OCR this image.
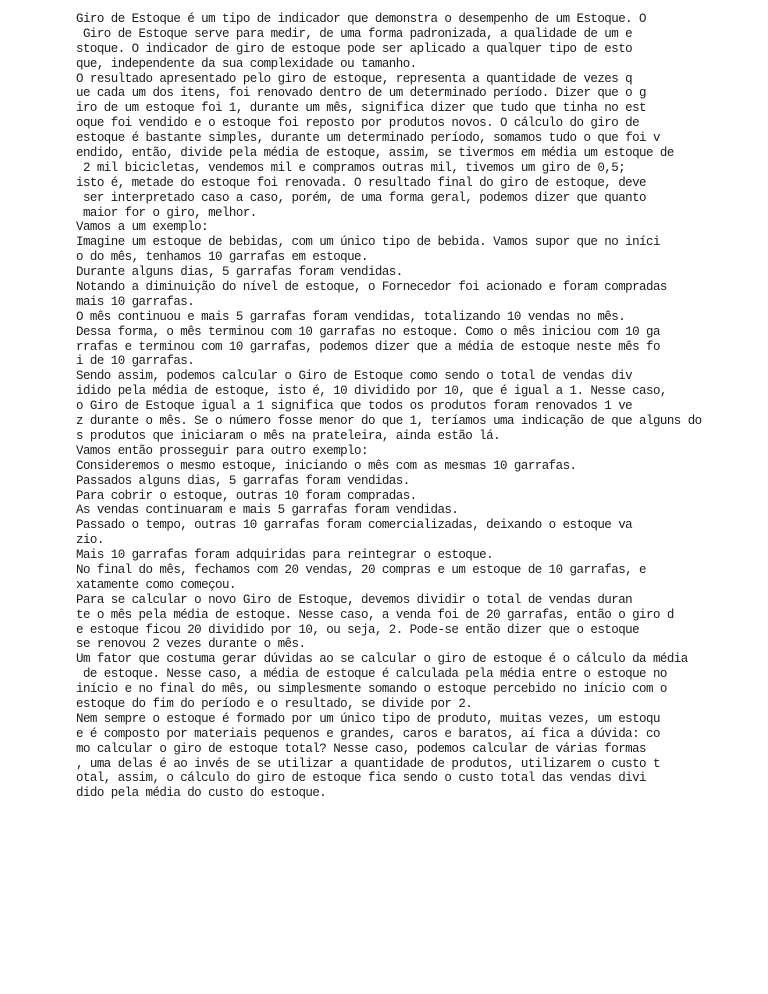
Giro de Estoque é um tipo de indicador que demonstra o desempenho de um Estoque. O
Giro de Estoque serve para medir, de uma forma padronizada, a qualidade de um e
stoque. O indicador de giro de estoque pode ser aplicado a qualquer tipo de esto
que, independente da sua complexidade ou tamanho.
O resultado apresentado pelo giro de estoque, representa a quantidade de vezes q
ue cada um dos itens, foi renovado dentro de um determinado período. Dizer que o g
iro de um estoque foi 1, durante um mês, significa dizer que tudo que tinha no est
oque foi vendido e o estoque foi reposto por produtos novos. O cálculo do giro de
estoque é bastante simples, durante um determinado período, somamos tudo o que foi v
endido, então, divide pela média de estoque, assim, se tivermos em média um estoque de
2 mil bicicletas, vendemos mil e compramos outras mil, tivemos um giro de 0,5;
isto é, metade do estoque foi renovada. O resultado final do giro de estoque, deve
ser interpretado caso a caso, porém, de uma forma geral, podemos dizer que quanto
maior for o giro, melhor.
Vamos a um exemplo:
Imagine um estoque de bebidas, com um único tipo de bebida. Vamos supor que no iníci
o do mês, tenhamos 10 garrafas em estoque.
Durante alguns dias, 5 garrafas foram vendidas.
Notando a diminuição do nível de estoque, o Fornecedor foi acionado e foram compradas
mais 10 garrafas.
O mês continuou e mais 5 garrafas foram vendidas, totalizando 10 vendas no mês.
Dessa forma, o mês terminou com 10 garrafas no estoque. Como o mês iniciou com 10 ga
rrafas e terminou com 10 garrafas, podemos dizer que a média de estoque neste mês fo
i de 10 garrafas.
Sendo assim, podemos calcular o Giro de Estoque como sendo o total de vendas div
idido pela média de estoque, isto é, 10 dividido por 10, que é igual a 1. Nesse caso,
o Giro de Estoque igual a 1 significa que todos os produtos foram renovados 1 ve
z durante o mês. Se o número fosse menor do que 1, teríamos uma indicação de que alguns do
s produtos que iniciaram o mês na prateleira, ainda estão lá.
Vamos então prosseguir para outro exemplo:
Consideremos o mesmo estoque, iniciando o mês com as mesmas 10 garrafas.
Passados alguns dias, 5 garrafas foram vendidas.
Para cobrir o estoque, outras 10 foram compradas.
As vendas continuaram e mais 5 garrafas foram vendidas.
Passado o tempo, outras 10 garrafas foram comercializadas, deixando o estoque va
zio.
Mais 10 garrafas foram adquiridas para reintegrar o estoque.
No final do mês, fechamos com 20 vendas, 20 compras e um estoque de 10 garrafas, e
xatamente como começou.
Para se calcular o novo Giro de Estoque, devemos dividir o total de vendas duran
te o mês pela média de estoque. Nesse caso, a venda foi de 20 garrafas, então o giro d
e estoque ficou 20 dividido por 10, ou seja, 2. Pode-se então dizer que o estoque
se renovou 2 vezes durante o mês.
Um fator que costuma gerar dúvidas ao se calcular o giro de estoque é o cálculo da média
de estoque. Nesse caso, a média de estoque é calculada pela média entre o estoque no
início e no final do mês, ou simplesmente somando o estoque percebido no início com o
estoque do fim do período e o resultado, se divide por 2.
Nem sempre o estoque é formado por um único tipo de produto, muitas vezes, um estoqu
e é composto por materiais pequenos e grandes, caros e baratos, aí fica a dúvida: co
mo calcular o giro de estoque total? Nesse caso, podemos calcular de várias formas
, uma delas é ao invés de se utilizar a quantidade de produtos, utilizarem o custo t
otal, assim, o cálculo do giro de estoque fica sendo o custo total das vendas divi
dido pela média do custo do estoque.
